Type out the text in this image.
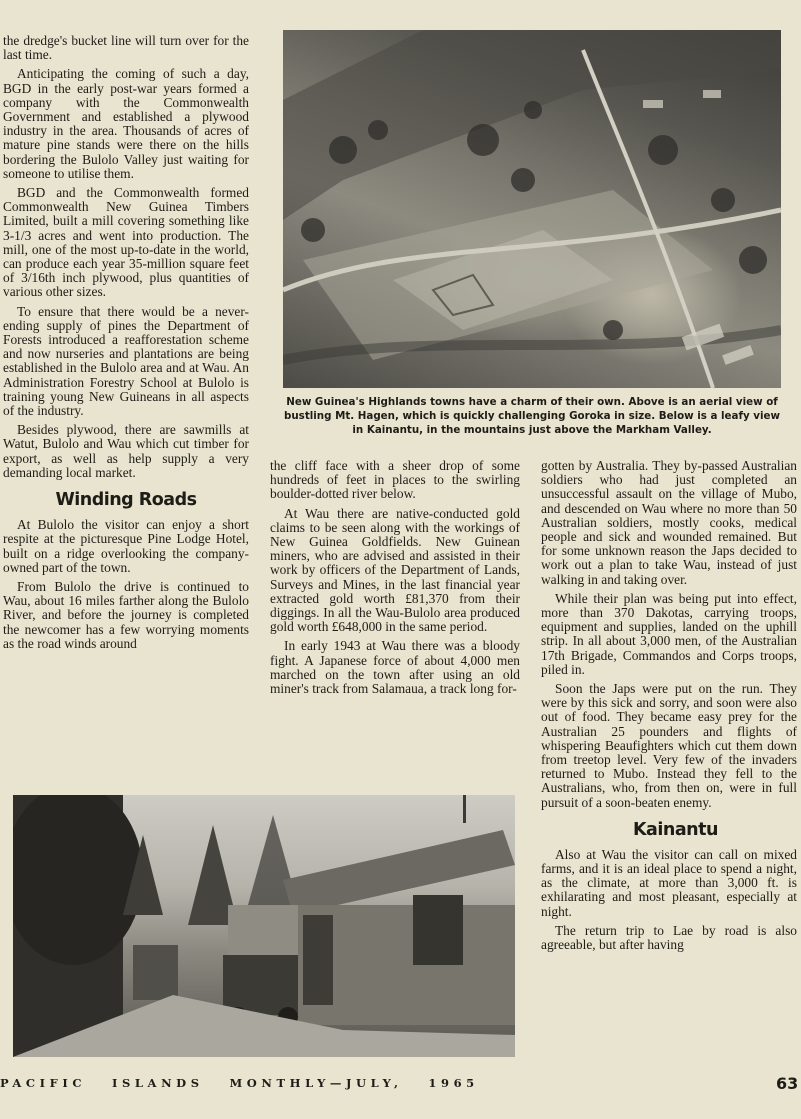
the dredge's bucket line will turn over for the last time.

Anticipating the coming of such a day, BGD in the early post-war years formed a company with the Commonwealth Government and established a plywood industry in the area. Thousands of acres of mature pine stands were there on the hills bordering the Bulolo Valley just waiting for someone to utilise them.

BGD and the Commonwealth formed Commonwealth New Guinea Timbers Limited, built a mill covering something like 3-1/3 acres and went into production. The mill, one of the most up-to-date in the world, can produce each year 35-million square feet of 3/16th inch plywood, plus quantities of various other sizes.

To ensure that there would be a never-ending supply of pines the Department of Forests introduced a reafforestation scheme and now nurseries and plantations are being established in the Bulolo area and at Wau. An Administration Forestry School at Bulolo is training young New Guineans in all aspects of the industry.

Besides plywood, there are sawmills at Watut, Bulolo and Wau which cut timber for export, as well as help supply a very demanding local market.

Winding Roads

At Bulolo the visitor can enjoy a short respite at the picturesque Pine Lodge Hotel, built on a ridge overlooking the company-owned part of the town.

From Bulolo the drive is continued to Wau, about 16 miles farther along the Bulolo River, and before the journey is completed the newcomer has a few worrying moments as the road winds around

New Guinea's Highlands towns have a charm of their own. Above is an aerial view of bustling Mt. Hagen, which is quickly challenging Goroka in size. Below is a leafy view in Kainantu, in the mountains just above the Markham Valley.

the cliff face with a sheer drop of some hundreds of feet in places to the swirling boulder-dotted river below.

At Wau there are native-conducted gold claims to be seen along with the workings of New Guinea Goldfields. New Guinean miners, who are advised and assisted in their work by officers of the Department of Lands, Surveys and Mines, in the last financial year extracted gold worth £81,370 from their diggings. In all the Wau-Bulolo area produced gold worth £648,000 in the same period.

In early 1943 at Wau there was a bloody fight. A Japanese force of about 4,000 men marched on the town after using an old miner's track from Salamaua, a track long for-

gotten by Australia. They by-passed Australian soldiers who had just completed an unsuccessful assault on the village of Mubo, and descended on Wau where no more than 50 Australian soldiers, mostly cooks, medical people and sick and wounded remained. But for some unknown reason the Japs decided to work out a plan to take Wau, instead of just walking in and taking over.

While their plan was being put into effect, more than 370 Dakotas, carrying troops, equipment and supplies, landed on the uphill strip. In all about 3,000 men, of the Australian 17th Brigade, Commandos and Corps troops, piled in.

Soon the Japs were put on the run. They were by this sick and sorry, and soon were also out of food. They became easy prey for the Australian 25 pounders and flights of whispering Beaufighters which cut them down from treetop level. Very few of the invaders returned to Mubo. Instead they fell to the Australians, who, from then on, were in full pursuit of a soon-beaten enemy.

Kainantu

Also at Wau the visitor can call on mixed farms, and it is an ideal place to spend a night, as the climate, at more than 3,000 ft. is exhilarating and most pleasant, especially at night.

The return trip to Lae by road is also agreeable, but after having

PACIFIC   ISLANDS   MONTHLY—JULY,   1965	63
